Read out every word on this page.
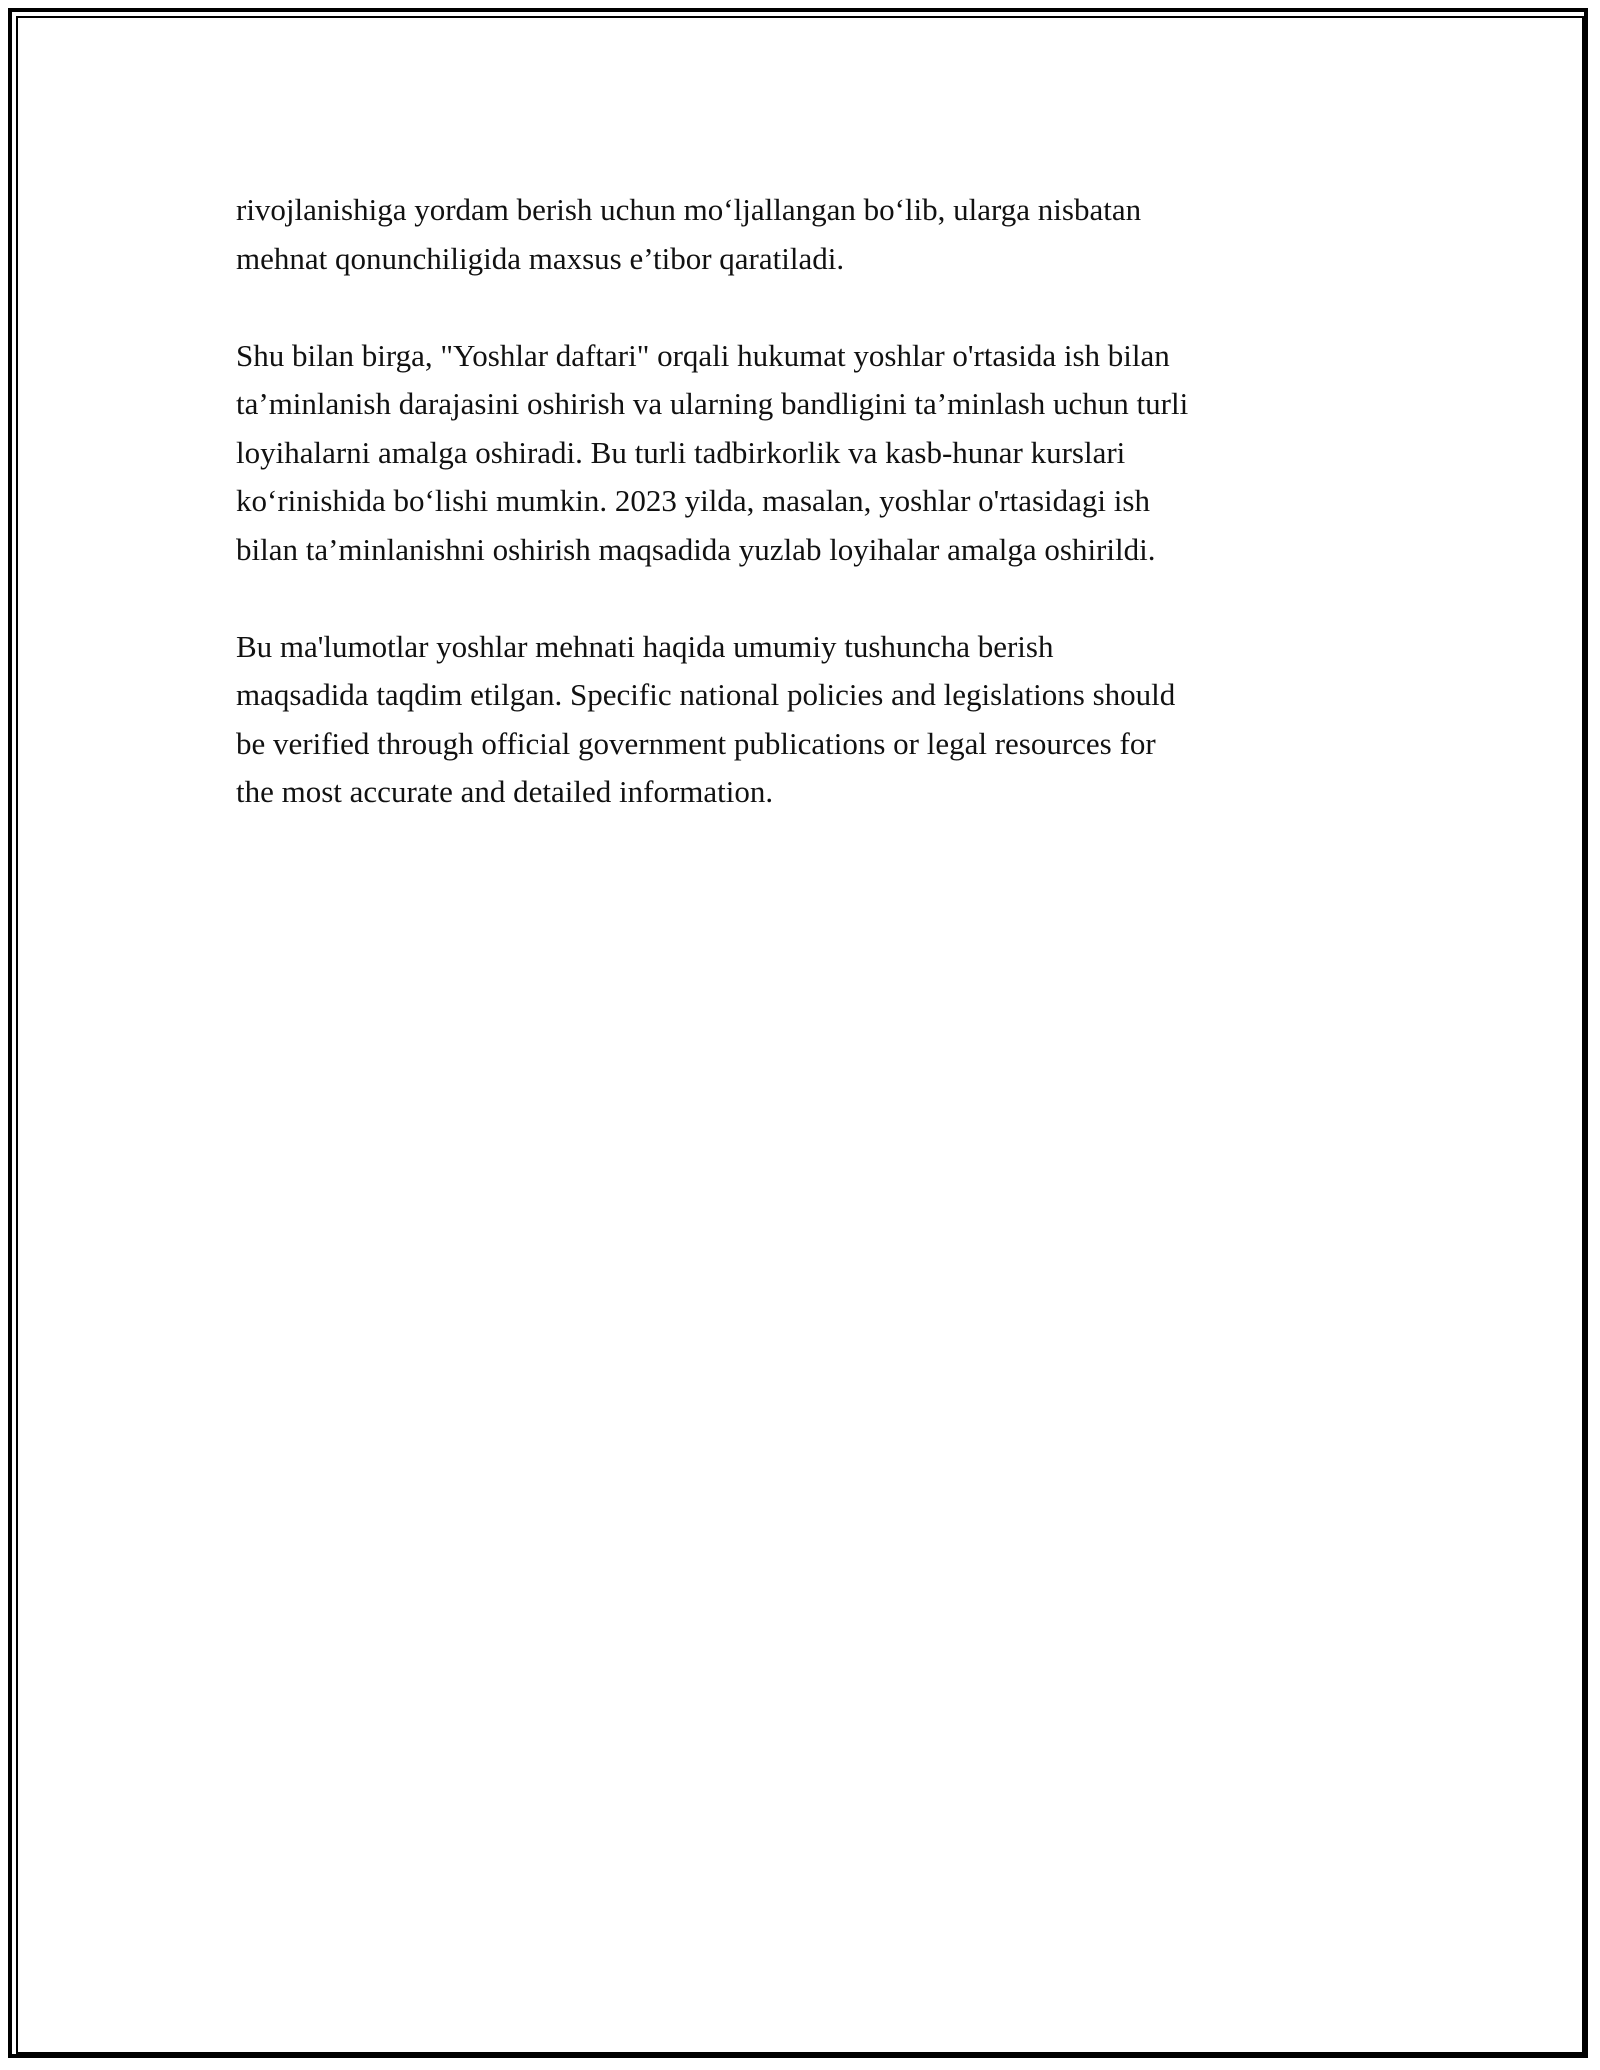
rivojlanishiga yordam berish uchun mo‘ljallangan bo‘lib, ularga nisbatan
mehnat qonunchiligida maxsus e’tibor qaratiladi.

Shu bilan birga, "Yoshlar daftari" orqali hukumat yoshlar o'rtasida ish bilan
ta’minlanish darajasini oshirish va ularning bandligini ta’minlash uchun turli
loyihalarni amalga oshiradi. Bu turli tadbirkorlik va kasb-hunar kurslari
ko‘rinishida bo‘lishi mumkin. 2023 yilda, masalan, yoshlar o'rtasidagi ish
bilan ta’minlanishni oshirish maqsadida yuzlab loyihalar amalga oshirildi.

Bu ma'lumotlar yoshlar mehnati haqida umumiy tushuncha berish
maqsadida taqdim etilgan. Specific national policies and legislations should
be verified through official government publications or legal resources for
the most accurate and detailed information.
